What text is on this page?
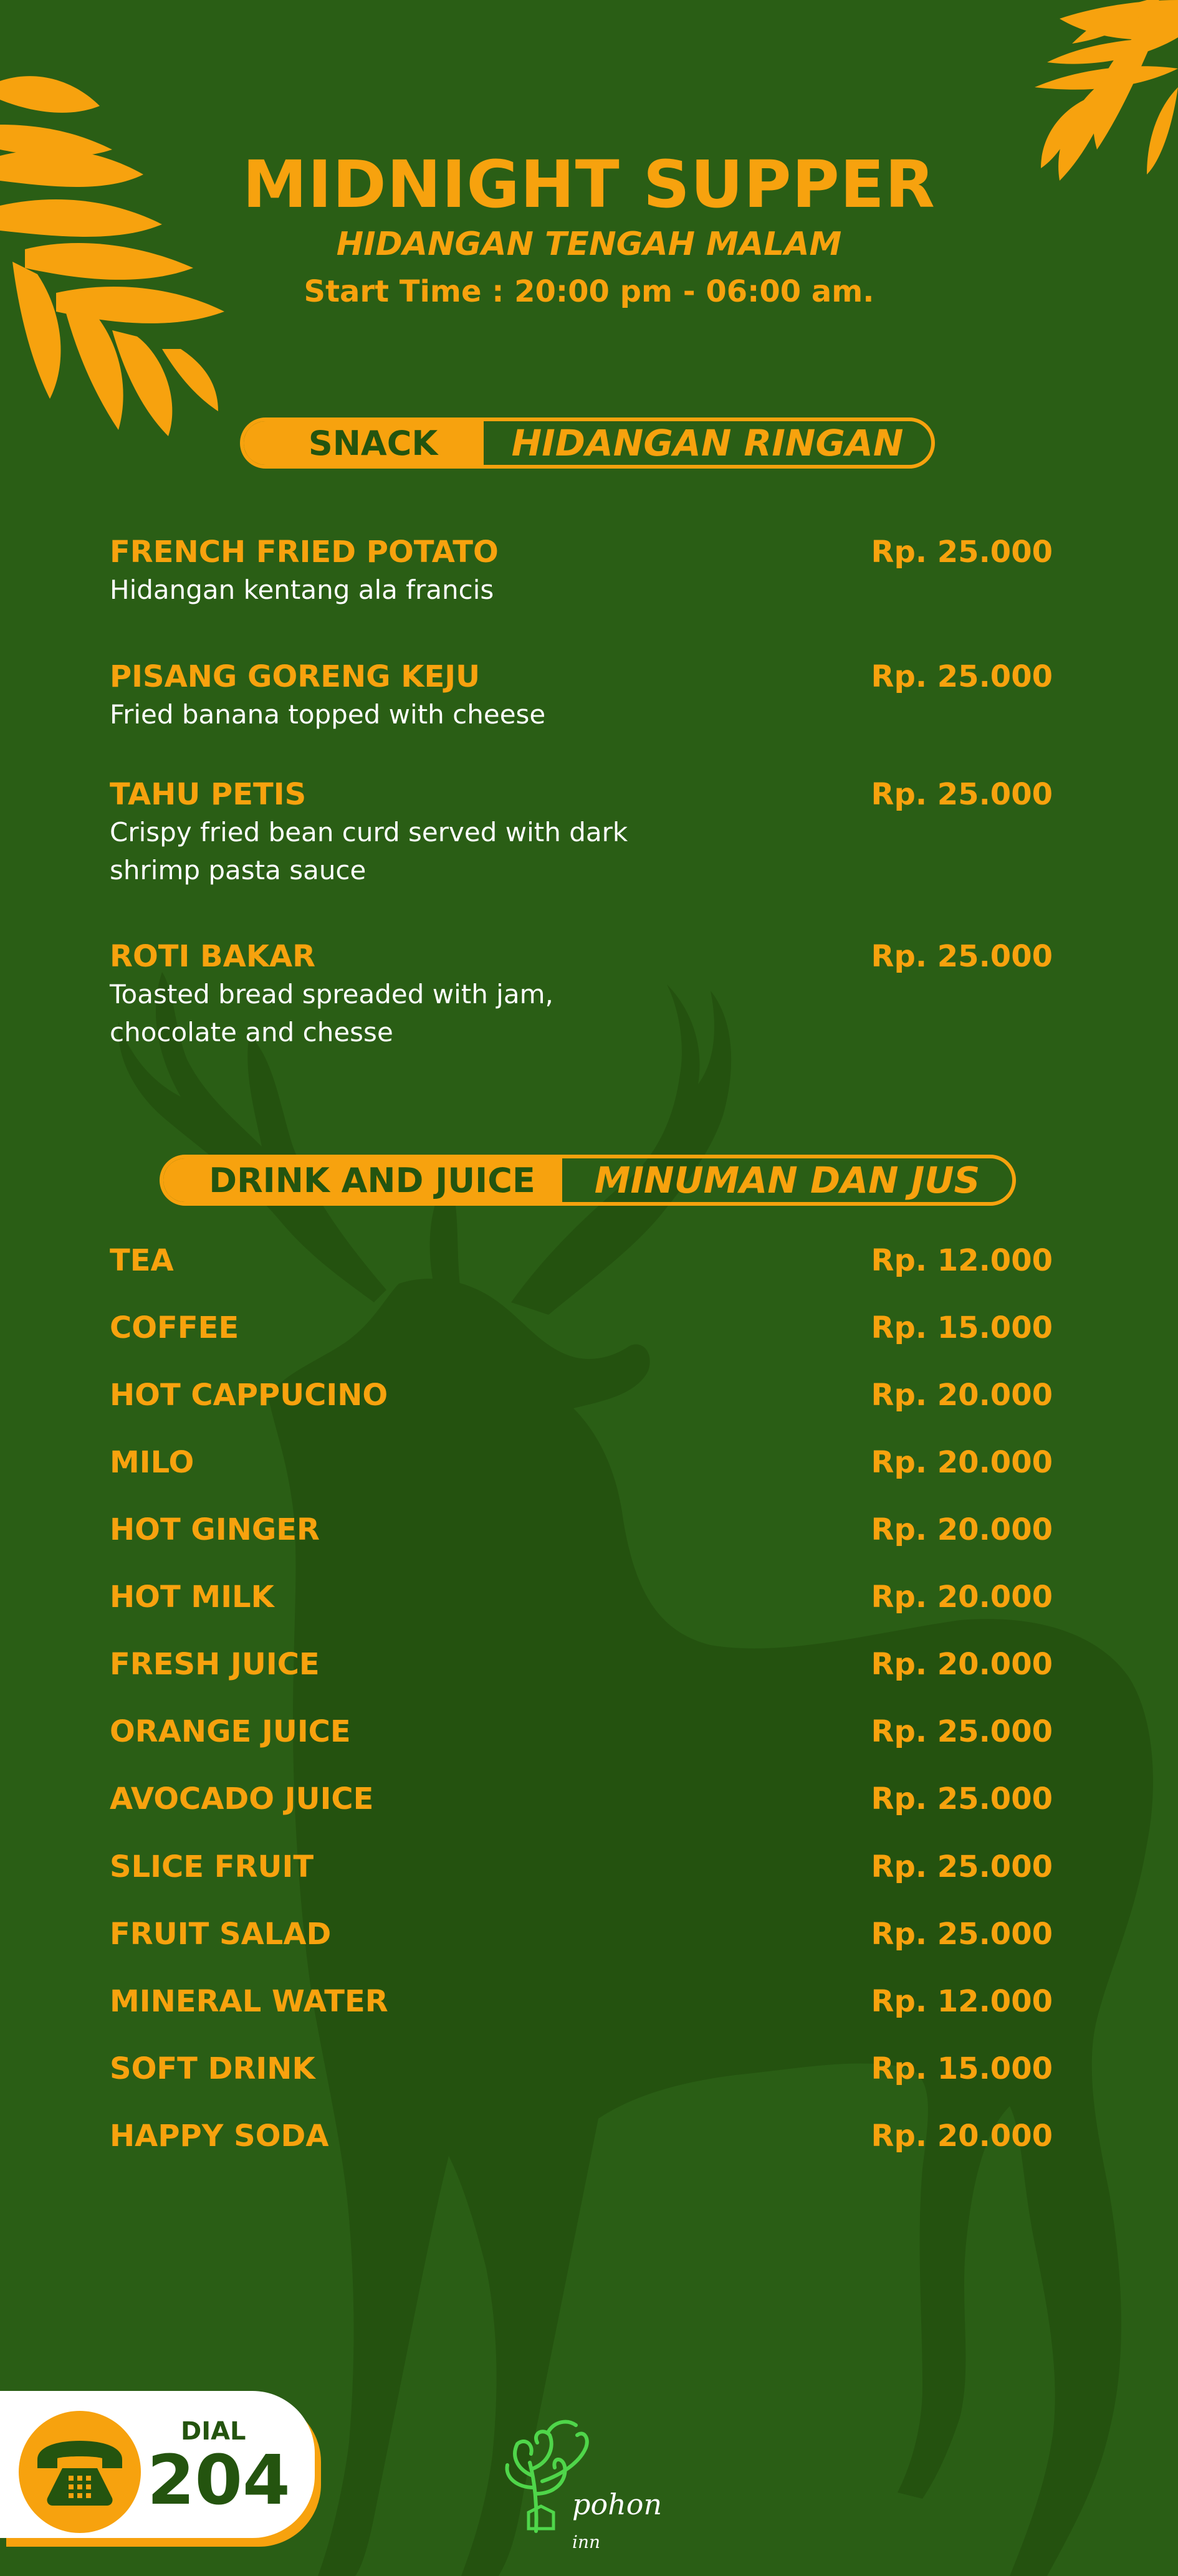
MIDNIGHT SUPPER
HIDANGAN TENGAH MALAM
Start Time : 20:00 pm - 06:00 am.
SNACK	HIDANGAN RINGAN
FRENCH FRIED POTATO
Hidangan kentang ala francis
Rp. 25.000
PISANG GORENG KEJU
Fried banana topped with cheese
Rp. 25.000
TAHU PETIS
Crispy fried bean curd served with dark shrimp pasta sauce
Rp. 25.000
ROTI BAKAR
Toasted bread spreaded with jam, chocolate and chesse
Rp. 25.000
DRINK AND JUICE	MINUMAN DAN JUS
TEA	Rp. 12.000
COFFEE	Rp. 15.000
HOT CAPPUCINO	Rp. 20.000
MILO	Rp. 20.000
HOT GINGER	Rp. 20.000
HOT MILK	Rp. 20.000
FRESH JUICE	Rp. 20.000
ORANGE JUICE	Rp. 25.000
AVOCADO JUICE	Rp. 25.000
SLICE FRUIT	Rp. 25.000
FRUIT SALAD	Rp. 25.000
MINERAL WATER	Rp. 12.000
SOFT DRINK	Rp. 15.000
HAPPY SODA	Rp. 20.000
DIAL
204	pohon inn
